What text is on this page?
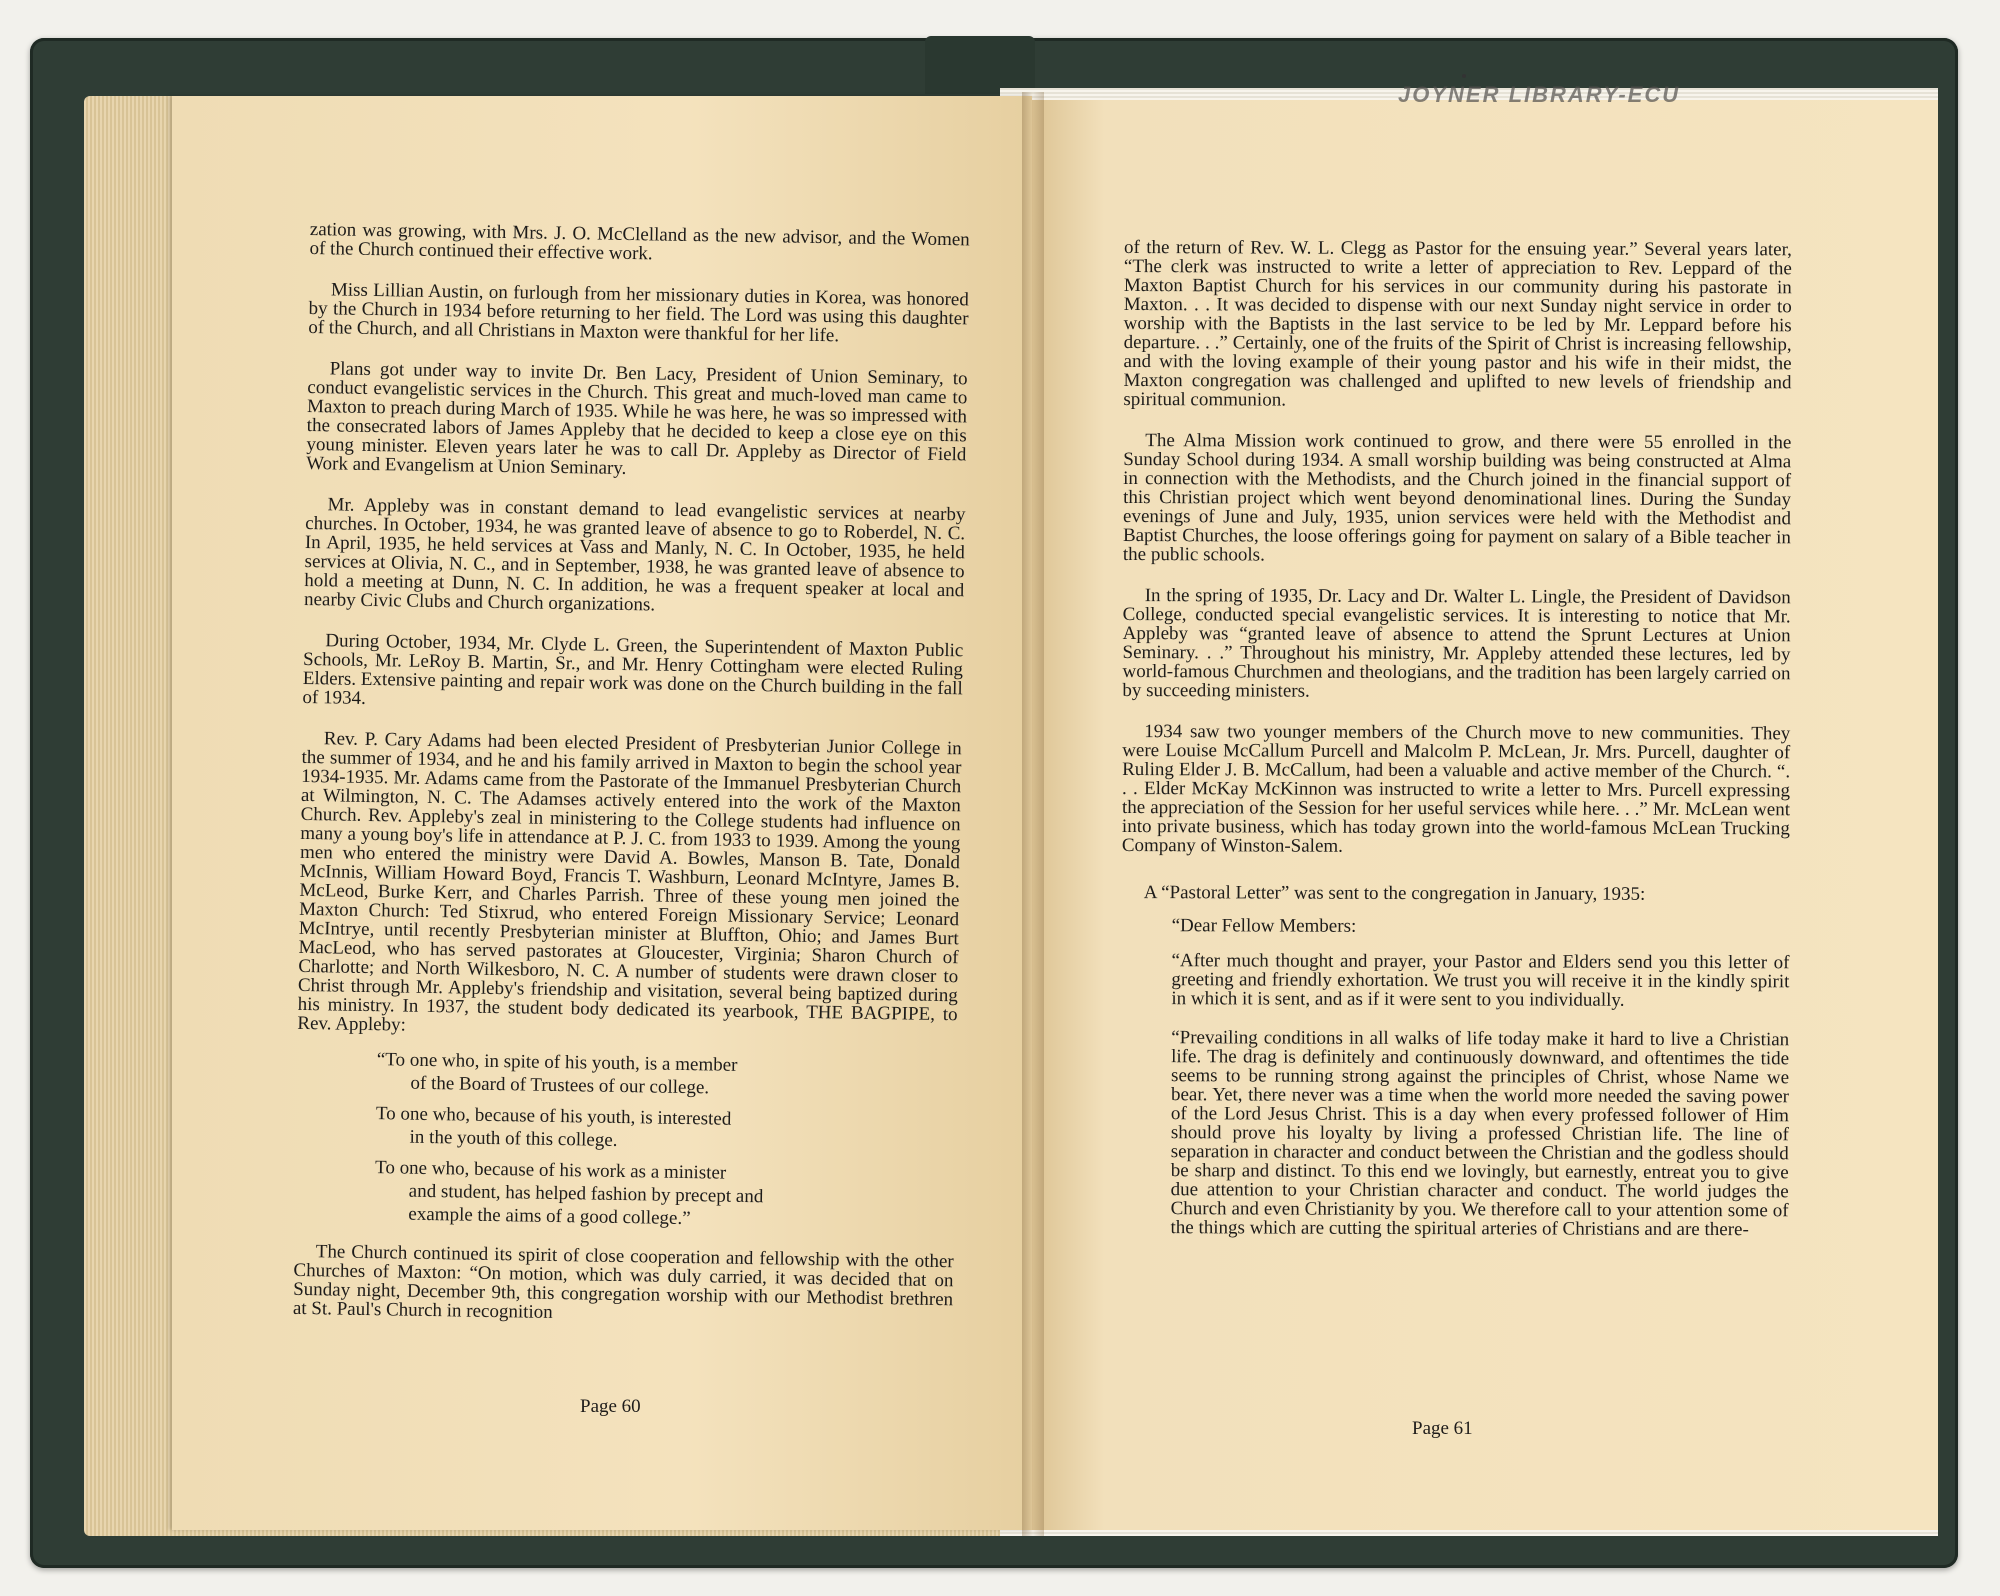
JOYNER LIBRARY-ECU

zation was growing, with Mrs. J. O. McClelland as the new advisor, and the Women of the Church continued their effective work.

Miss Lillian Austin, on furlough from her missionary duties in Korea, was honored by the Church in 1934 before returning to her field. The Lord was using this daughter of the Church, and all Christians in Maxton were thankful for her life.

Plans got under way to invite Dr. Ben Lacy, President of Union Seminary, to conduct evangelistic services in the Church. This great and much-loved man came to Maxton to preach during March of 1935. While he was here, he was so impressed with the consecrated labors of James Appleby that he decided to keep a close eye on this young minister. Eleven years later he was to call Dr. Appleby as Director of Field Work and Evangelism at Union Seminary.

Mr. Appleby was in constant demand to lead evangelistic services at nearby churches. In October, 1934, he was granted leave of absence to go to Roberdel, N. C. In April, 1935, he held services at Vass and Manly, N. C. In October, 1935, he held services at Olivia, N. C., and in September, 1938, he was granted leave of absence to hold a meeting at Dunn, N. C. In addition, he was a frequent speaker at local and nearby Civic Clubs and Church organizations.

During October, 1934, Mr. Clyde L. Green, the Superintendent of Maxton Public Schools, Mr. LeRoy B. Martin, Sr., and Mr. Henry Cottingham were elected Ruling Elders. Extensive painting and repair work was done on the Church building in the fall of 1934.

Rev. P. Cary Adams had been elected President of Presbyterian Junior College in the summer of 1934, and he and his family arrived in Maxton to begin the school year 1934-1935. Mr. Adams came from the Pastorate of the Immanuel Presbyterian Church at Wilmington, N. C. The Adamses actively entered into the work of the Maxton Church. Rev. Appleby's zeal in ministering to the College students had influence on many a young boy's life in attendance at P. J. C. from 1933 to 1939. Among the young men who entered the ministry were David A. Bowles, Manson B. Tate, Donald McInnis, William Howard Boyd, Francis T. Washburn, Leonard McIntyre, James B. McLeod, Burke Kerr, and Charles Parrish. Three of these young men joined the Maxton Church: Ted Stixrud, who entered Foreign Missionary Service; Leonard McIntrye, until recently Presbyterian minister at Bluffton, Ohio; and James Burt MacLeod, who has served pastorates at Gloucester, Virginia; Sharon Church of Charlotte; and North Wilkesboro, N. C. A number of students were drawn closer to Christ through Mr. Appleby's friendship and visitation, several being baptized during his ministry. In 1937, the student body dedicated its yearbook, THE BAGPIPE, to Rev. Appleby:

“To one who, in spite of his youth, is a member
of the Board of Trustees of our college.
To one who, because of his youth, is interested
in the youth of this college.
To one who, because of his work as a minister
and student, has helped fashion by precept and
example the aims of a good college.”

The Church continued its spirit of close cooperation and fellowship with the other Churches of Maxton: “On motion, which was duly carried, it was decided that on Sunday night, December 9th, this congregation worship with our Methodist brethren at St. Paul's Church in recognition

Page 60

of the return of Rev. W. L. Clegg as Pastor for the ensuing year.” Several years later, “The clerk was instructed to write a letter of appreciation to Rev. Leppard of the Maxton Baptist Church for his services in our community during his pastorate in Maxton. . . It was decided to dispense with our next Sunday night service in order to worship with the Baptists in the last service to be led by Mr. Leppard before his departure. . .” Certainly, one of the fruits of the Spirit of Christ is increasing fellowship, and with the loving example of their young pastor and his wife in their midst, the Maxton congregation was challenged and uplifted to new levels of friendship and spiritual communion.

The Alma Mission work continued to grow, and there were 55 enrolled in the Sunday School during 1934. A small worship building was being constructed at Alma in connection with the Methodists, and the Church joined in the financial support of this Christian project which went beyond denominational lines. During the Sunday evenings of June and July, 1935, union services were held with the Methodist and Baptist Churches, the loose offerings going for payment on salary of a Bible teacher in the public schools.

In the spring of 1935, Dr. Lacy and Dr. Walter L. Lingle, the President of Davidson College, conducted special evangelistic services. It is interesting to notice that Mr. Appleby was “granted leave of absence to attend the Sprunt Lectures at Union Seminary. . .” Throughout his ministry, Mr. Appleby attended these lectures, led by world-famous Churchmen and theologians, and the tradition has been largely carried on by succeeding ministers.

1934 saw two younger members of the Church move to new communities. They were Louise McCallum Purcell and Malcolm P. McLean, Jr. Mrs. Purcell, daughter of Ruling Elder J. B. McCallum, had been a valuable and active member of the Church. “. . . Elder McKay McKinnon was instructed to write a letter to Mrs. Purcell expressing the appreciation of the Session for her useful services while here. . .” Mr. McLean went into private business, which has today grown into the world-famous McLean Trucking Company of Winston-Salem.

A “Pastoral Letter” was sent to the congregation in January, 1935:

“Dear Fellow Members:

“After much thought and prayer, your Pastor and Elders send you this letter of greeting and friendly exhortation. We trust you will receive it in the kindly spirit in which it is sent, and as if it were sent to you individually.

“Prevailing conditions in all walks of life today make it hard to live a Christian life. The drag is definitely and continuously downward, and oftentimes the tide seems to be running strong against the principles of Christ, whose Name we bear. Yet, there never was a time when the world more needed the saving power of the Lord Jesus Christ. This is a day when every professed follower of Him should prove his loyalty by living a professed Christian life. The line of separation in character and conduct between the Christian and the godless should be sharp and distinct. To this end we lovingly, but earnestly, entreat you to give due attention to your Christian character and conduct. The world judges the Church and even Christianity by you. We therefore call to your attention some of the things which are cutting the spiritual arteries of Christians and are there-

Page 61
